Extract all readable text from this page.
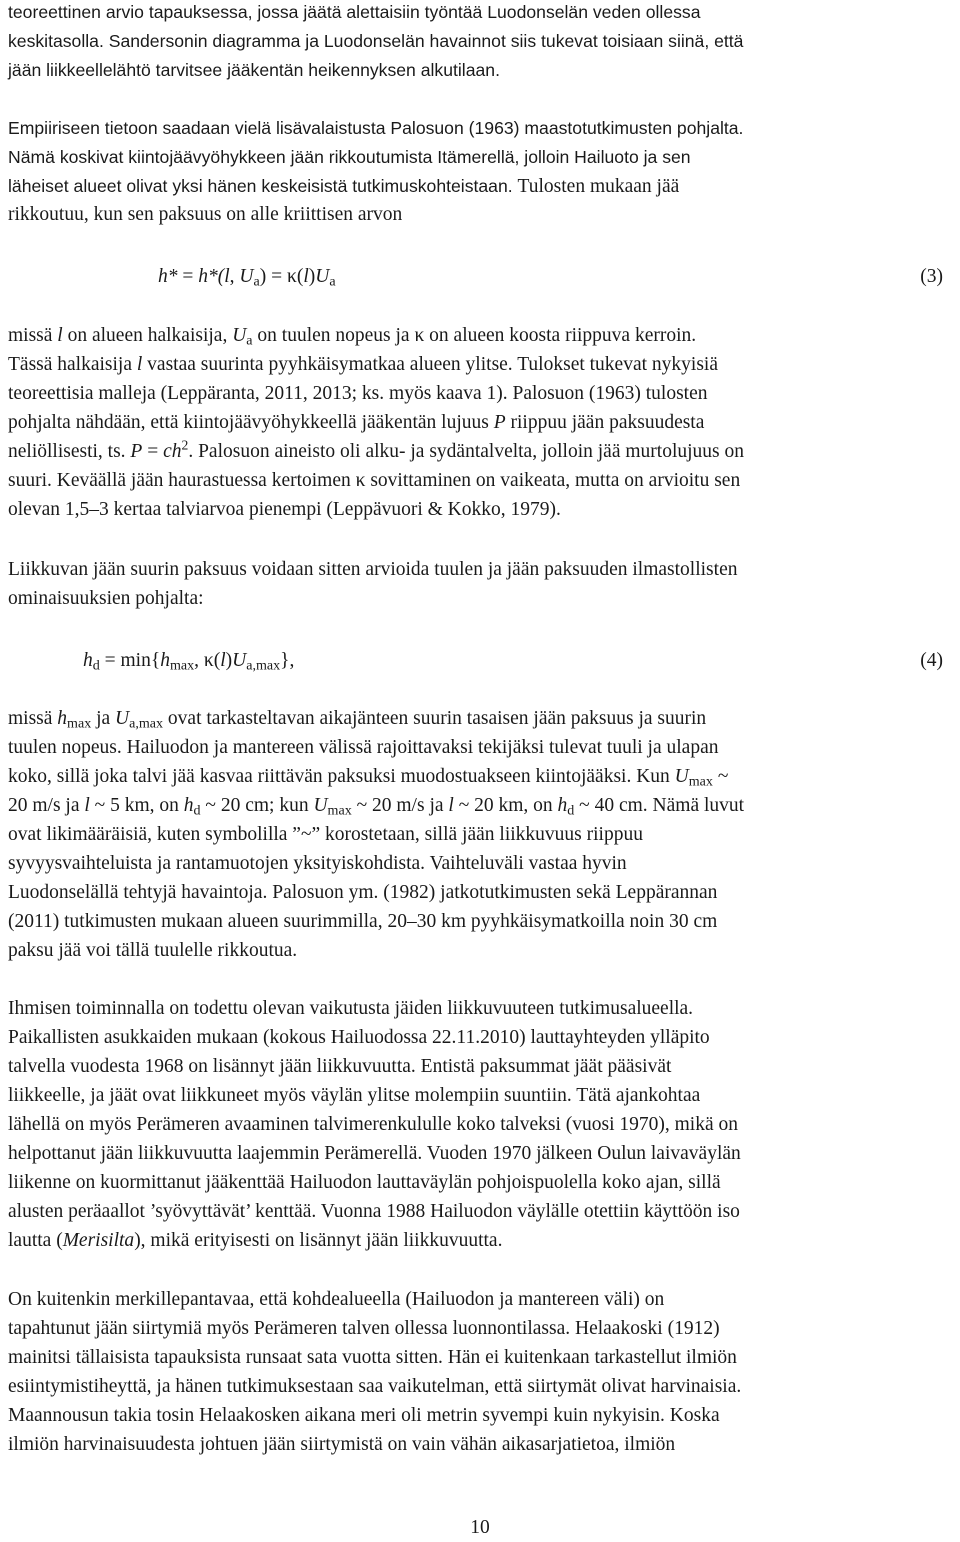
teoreettinen arvio tapauksessa, jossa jäätä alettaisiin työntää Luodonselän veden ollessa
keskitasolla. Sandersonin diagramma ja Luodonselän havainnot siis tukevat toisiaan siinä, että
jään liikkeellelähtö tarvitsee jääkentän heikennyksen alkutilaan.
Empiiriseen tietoon saadaan vielä lisävalaistusta Palosuon (1963) maastotutkimusten pohjalta.
Nämä koskivat kiintojäävyöhykkeen jään rikkoutumista Itämerellä, jolloin Hailuoto ja sen
läheiset alueet olivat yksi hänen keskeisistä tutkimuskohteistaan. Tulosten mukaan jää
rikkoutuu, kun sen paksuus on alle kriittisen arvon
h* = h*(l, $U_a) = \kappa(l)U_a$	(3)
missä l on alueen halkaisija, $U_a$ on tuulen nopeus ja κ on alueen koosta riippuva kerroin.
Tässä halkaisija l vastaa suurinta pyyhkäisymatkaa alueen ylitse. Tulokset tukevat nykyisiä
teoreettisia malleja (Leppäranta, 2011, 2013; ks. myös kaava 1). Palosuon (1963) tulosten
pohjalta nähdään, että kiintojäävyöhykkeellä jääkentän lujuus P riippuu jään paksuudesta
neliöllisesti, ts. $P = ch^2$. Palosuon aineisto oli alku- ja sydäntalvelta, jolloin jää murtolujuus on
suuri. Keväällä jään haurastuessa kertoimen κ sovittaminen on vaikeata, mutta on arvioitu sen
olevan 1,5–3 kertaa talviarvoa pienempi (Leppävuori & Kokko, 1979).
Liikkuvan jään suurin paksuus voidaan sitten arvioida tuulen ja jään paksuuden ilmastollisten
ominaisuuksien pohjalta:
$h_d = \min\{h_{max}$, $\kappa(l)U_{a,max}$},	(4)
missä $h_{max}$ ja $U_{a,max}$ ovat tarkasteltavan aikajänteen suurin tasaisen jään paksuus ja suurin
tuulen nopeus. Hailuodon ja mantereen välissä rajoittavaksi tekijäksi tulevat tuuli ja ulapan
koko, sillä joka talvi jää kasvaa riittävän paksuksi muodostuakseen kiintojääksi. Kun $U_{max}$ ~
20 m/s ja l ~ 5 km, on $h_d$ ~ 20 cm; kun $U_{max}$ ~ 20 m/s ja l ~ 20 km, on $h_d$ ~ 40 cm. Nämä luvut
ovat likimääräisiä, kuten symbolilla ”~” korostetaan, sillä jään liikkuvuus riippuu
syvyysvaihteluista ja rantamuotojen yksityiskohdista. Vaihteluväli vastaa hyvin
Luodonselällä tehtyjä havaintoja. Palosuon ym. (1982) jatkotutkimusten sekä Leppärannan
(2011) tutkimusten mukaan alueen suurimmilla, 20–30 km pyyhkäisymatkoilla noin 30 cm
paksu jää voi tällä tuulelle rikkoutua.
Ihmisen toiminnalla on todettu olevan vaikutusta jäiden liikkuvuuteen tutkimusalueella.
Paikallisten asukkaiden mukaan (kokous Hailuodossa 22.11.2010) lauttayhteyden ylläpito
talvella vuodesta 1968 on lisännyt jään liikkuvuutta. Entistä paksummat jäät pääsivät
liikkeelle, ja jäät ovat liikkuneet myös väylän ylitse molempiin suuntiin. Tätä ajankohtaa
lähellä on myös Perämeren avaaminen talvimerenkululle koko talveksi (vuosi 1970), mikä on
helpottanut jään liikkuvuutta laajemmin Perämerellä. Vuoden 1970 jälkeen Oulun laivaväylän
liikenne on kuormittanut jääkenttää Hailuodon lauttaväylän pohjoispuolella koko ajan, sillä
alusten peräaallot ’syövyttävät’ kenttää. Vuonna 1988 Hailuodon väylälle otettiin käyttöön iso
lautta (Merisilta), mikä erityisesti on lisännyt jään liikkuvuutta.
On kuitenkin merkillepantavaa, että kohdealueella (Hailuodon ja mantereen väli) on
tapahtunut jään siirtymiä myös Perämeren talven ollessa luonnontilassa. Helaakoski (1912)
mainitsi tällaisista tapauksista runsaat sata vuotta sitten. Hän ei kuitenkaan tarkastellut ilmiön
esiintymistiheyttä, ja hänen tutkimuksestaan saa vaikutelman, että siirtymät olivat harvinaisia.
Maannousun takia tosin Helaakosken aikana meri oli metrin syvempi kuin nykyisin. Koska
ilmiön harvinaisuudesta johtuen jään siirtymistä on vain vähän aikasarjatietoa, ilmiön
10
